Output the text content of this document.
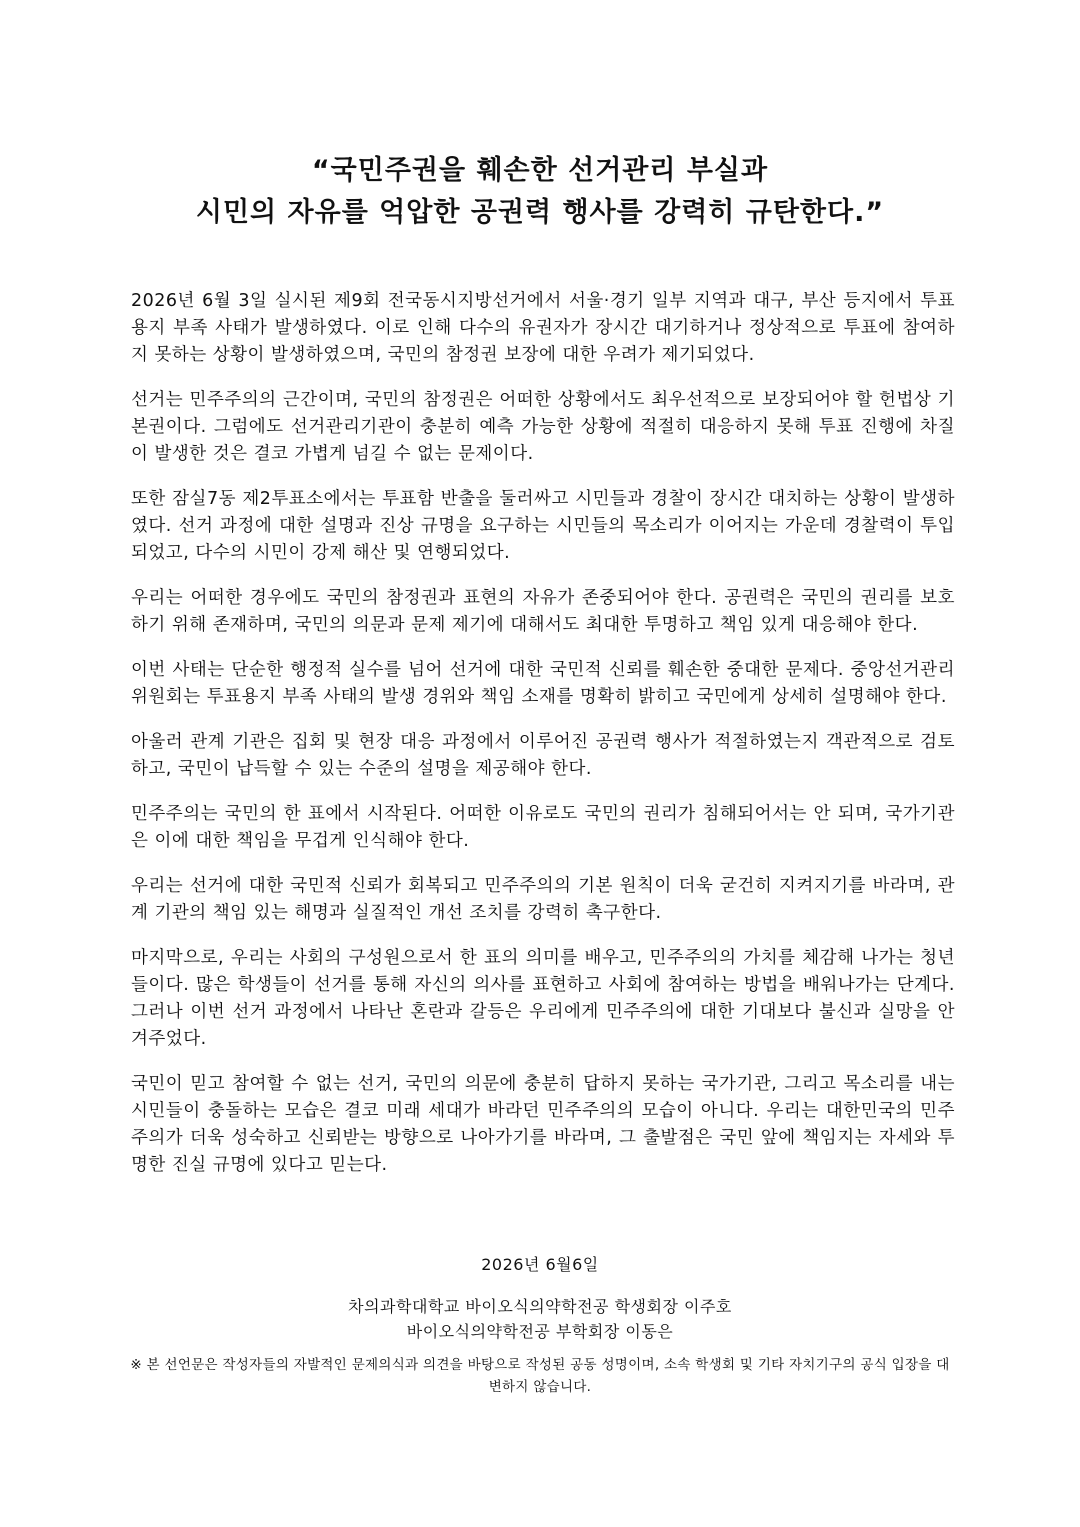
“국민주권을 훼손한 선거관리 부실과
시민의 자유를 억압한 공권력 행사를 강력히 규탄한다.”

2026년 6월 3일 실시된 제9회 전국동시지방선거에서 서울·경기 일부 지역과 대구, 부산 등지에서 투표용지 부족 사태가 발생하였다. 이로 인해 다수의 유권자가 장시간 대기하거나 정상적으로 투표에 참여하지 못하는 상황이 발생하였으며, 국민의 참정권 보장에 대한 우려가 제기되었다.

선거는 민주주의의 근간이며, 국민의 참정권은 어떠한 상황에서도 최우선적으로 보장되어야 할 헌법상 기본권이다. 그럼에도 선거관리기관이 충분히 예측 가능한 상황에 적절히 대응하지 못해 투표 진행에 차질이 발생한 것은 결코 가볍게 넘길 수 없는 문제이다.

또한 잠실7동 제2투표소에서는 투표함 반출을 둘러싸고 시민들과 경찰이 장시간 대치하는 상황이 발생하였다. 선거 과정에 대한 설명과 진상 규명을 요구하는 시민들의 목소리가 이어지는 가운데 경찰력이 투입되었고, 다수의 시민이 강제 해산 및 연행되었다.

우리는 어떠한 경우에도 국민의 참정권과 표현의 자유가 존중되어야 한다. 공권력은 국민의 권리를 보호하기 위해 존재하며, 국민의 의문과 문제 제기에 대해서도 최대한 투명하고 책임 있게 대응해야 한다.

이번 사태는 단순한 행정적 실수를 넘어 선거에 대한 국민적 신뢰를 훼손한 중대한 문제다. 중앙선거관리위원회는 투표용지 부족 사태의 발생 경위와 책임 소재를 명확히 밝히고 국민에게 상세히 설명해야 한다.

아울러 관계 기관은 집회 및 현장 대응 과정에서 이루어진 공권력 행사가 적절하였는지 객관적으로 검토하고, 국민이 납득할 수 있는 수준의 설명을 제공해야 한다.

민주주의는 국민의 한 표에서 시작된다. 어떠한 이유로도 국민의 권리가 침해되어서는 안 되며, 국가기관은 이에 대한 책임을 무겁게 인식해야 한다.

우리는 선거에 대한 국민적 신뢰가 회복되고 민주주의의 기본 원칙이 더욱 굳건히 지켜지기를 바라며, 관계 기관의 책임 있는 해명과 실질적인 개선 조치를 강력히 촉구한다.

마지막으로, 우리는 사회의 구성원으로서 한 표의 의미를 배우고, 민주주의의 가치를 체감해 나가는 청년들이다. 많은 학생들이 선거를 통해 자신의 의사를 표현하고 사회에 참여하는 방법을 배워나가는 단계다. 그러나 이번 선거 과정에서 나타난 혼란과 갈등은 우리에게 민주주의에 대한 기대보다 불신과 실망을 안겨주었다.

국민이 믿고 참여할 수 없는 선거, 국민의 의문에 충분히 답하지 못하는 국가기관, 그리고 목소리를 내는 시민들이 충돌하는 모습은 결코 미래 세대가 바라던 민주주의의 모습이 아니다. 우리는 대한민국의 민주주의가 더욱 성숙하고 신뢰받는 방향으로 나아가기를 바라며, 그 출발점은 국민 앞에 책임지는 자세와 투명한 진실 규명에 있다고 믿는다.

2026년 6월6일
차의과학대학교 바이오식의약학전공 학생회장 이주호
바이오식의약학전공 부학회장 이동은
※ 본 선언문은 작성자들의 자발적인 문제의식과 의견을 바탕으로 작성된 공동 성명이며, 소속 학생회 및 기타 자치기구의 공식 입장을 대변하지 않습니다.
